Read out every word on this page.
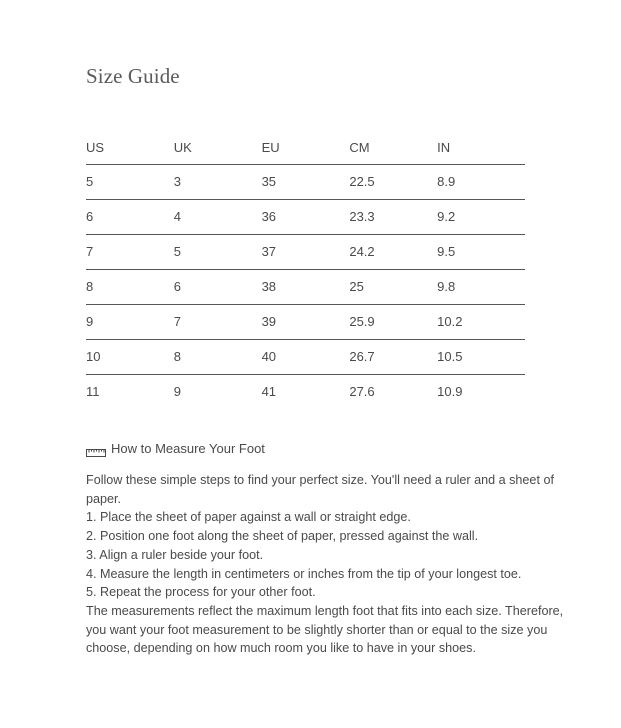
Size Guide
US	UK	EU	CM	IN
5	3	35	22.5	8.9
6	4	36	23.3	9.2
7	5	37	24.2	9.5
8	6	38	25	9.8
9	7	39	25.9	10.2
10	8	40	26.7	10.5
11	9	41	27.6	10.9
How to Measure Your Foot

Follow these simple steps to find your perfect size. You'll need a ruler and a sheet of paper.

1. Place the sheet of paper against a wall or straight edge.

2. Position one foot along the sheet of paper, pressed against the wall.

3. Align a ruler beside your foot.

4. Measure the length in centimeters or inches from the tip of your longest toe.

5. Repeat the process for your other foot.

The measurements reflect the maximum length foot that fits into each size. Therefore, you want your foot measurement to be slightly shorter than or equal to the size you choose, depending on how much room you like to have in your shoes.
